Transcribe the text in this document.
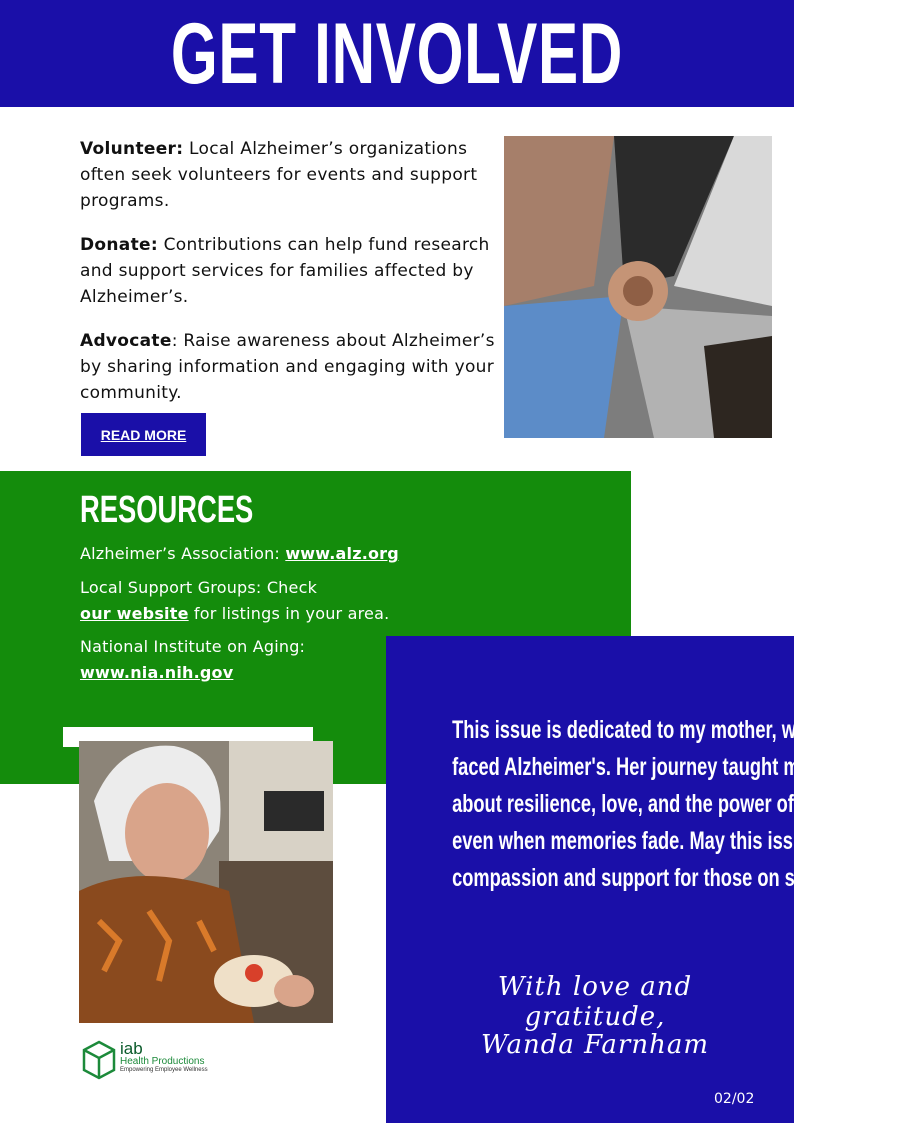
GET INVOLVED

Volunteer: Local Alzheimer’s organizations often seek volunteers for events and support programs.

Donate: Contributions can help fund research and support services for families affected by Alzheimer’s.

Advocate: Raise awareness about Alzheimer’s by sharing information and engaging with your community.

READ MORE
RESOURCES
Alzheimer’s Association: www.alz.org
Local Support Groups: Check
our website for listings in your area.
National Institute on Aging:
www.nia.nih.gov
This issue is dedicated to my mother, who bravely
faced Alzheimer's. Her journey taught me so much
about resilience, love, and the power of connection,
even when memories fade. May this issue inspire
compassion and support for those on similar paths.
With love and gratitude,
Wanda Farnham
02/02
iab
Health Productions
Empowering Employee Wellness
